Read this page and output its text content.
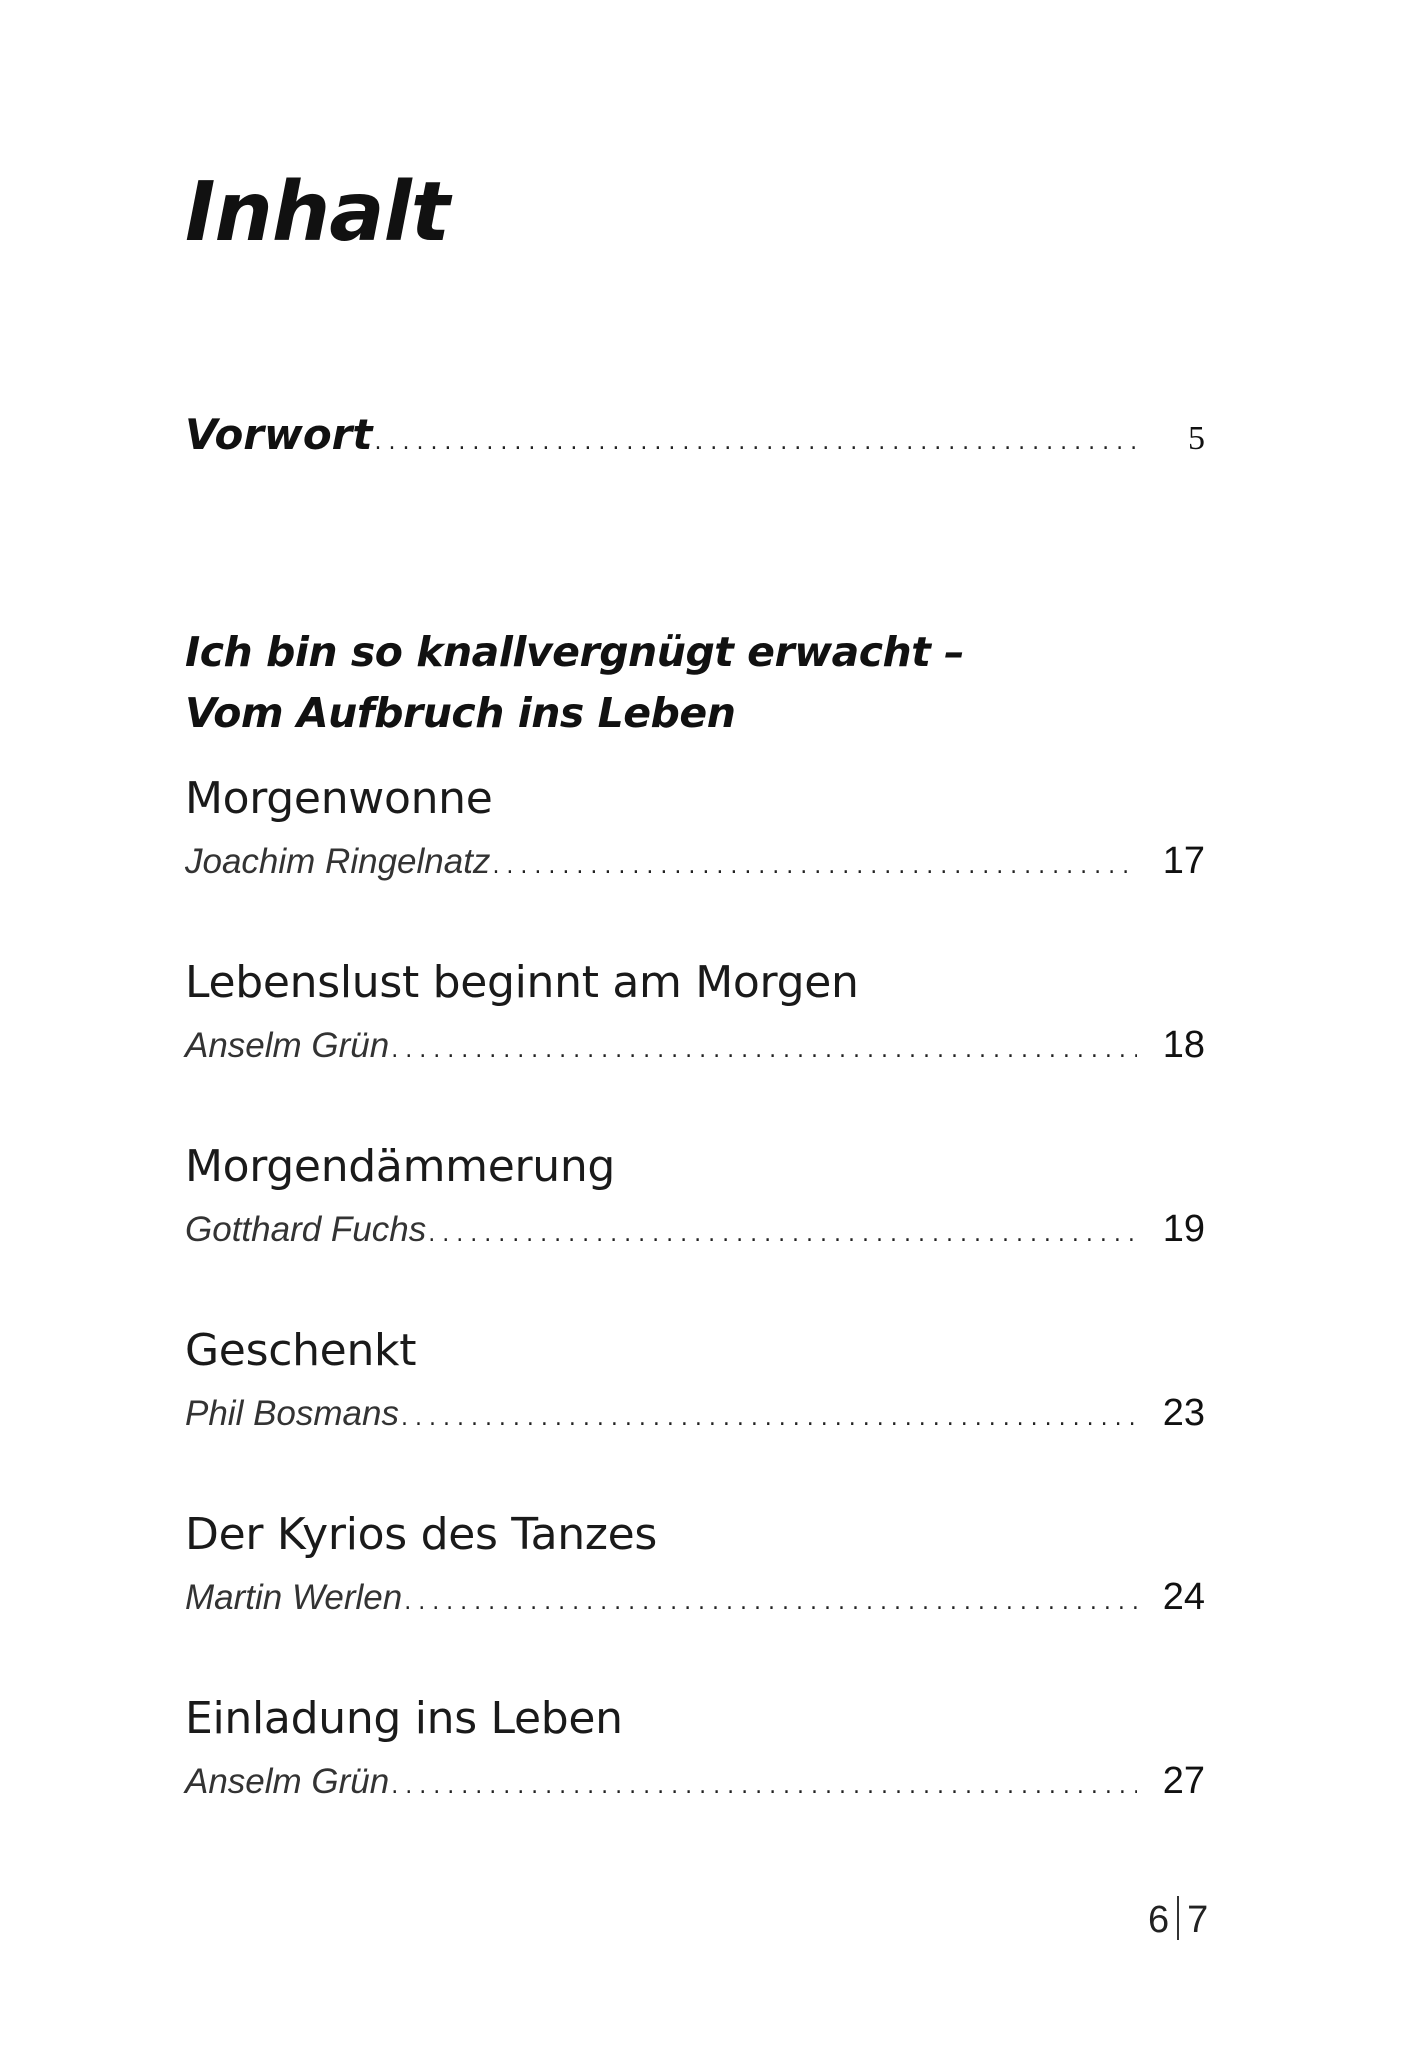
Inhalt
Vorwort .....	5
Ich bin so knallvergnügt erwacht –
Vom Aufbruch ins Leben
Morgenwonne
Joachim Ringelnatz .....	17
Lebenslust beginnt am Morgen
Anselm Grün .....	18
Morgendämmerung
Gotthard Fuchs .....	19
Geschenkt
Phil Bosmans .....	23
Der Kyrios des Tanzes
Martin Werlen .....	24
Einladung ins Leben
Anselm Grün .....	27
6 7
